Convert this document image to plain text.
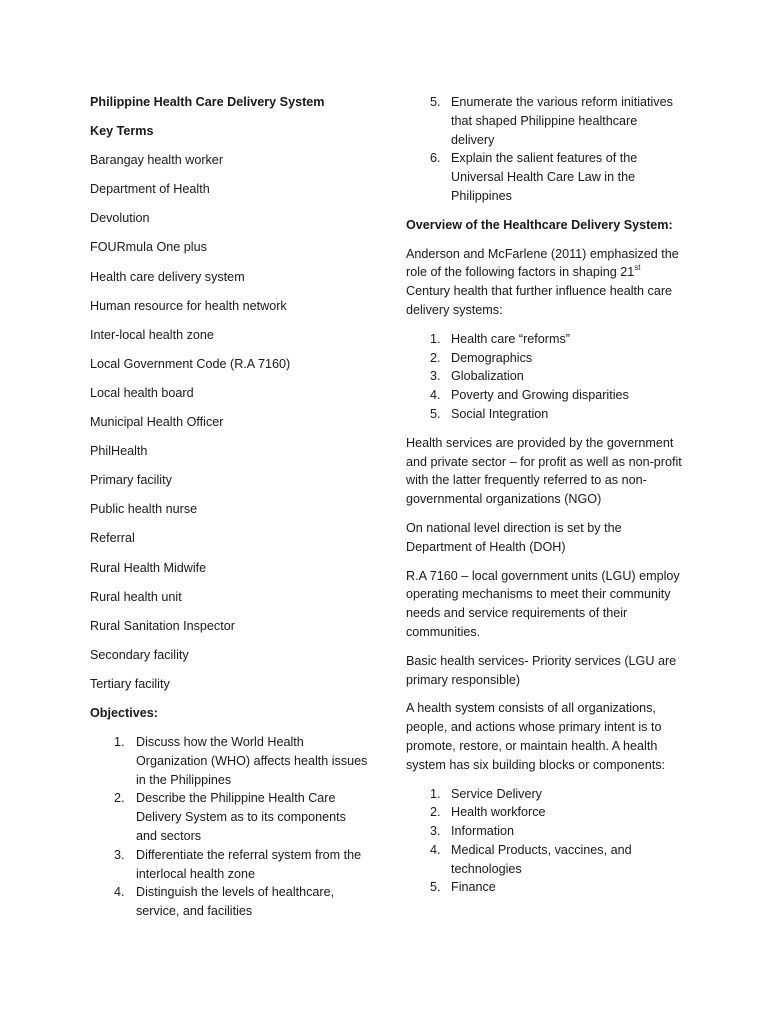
Philippine Health Care Delivery System

Key Terms

Barangay health worker

Department of Health

Devolution

FOURmula One plus

Health care delivery system

Human resource for health network

Inter-local health zone

Local Government Code (R.A 7160)

Local health board

Municipal Health Officer

PhilHealth

Primary facility

Public health nurse

Referral

Rural Health Midwife

Rural health unit

Rural Sanitation Inspector

Secondary facility

Tertiary facility

Objectives:

1. Discuss how the World Health Organization (WHO) affects health issues in the Philippines
2. Describe the Philippine Health Care Delivery System as to its components and sectors
3. Differentiate the referral system from the interlocal health zone
4. Distinguish the levels of healthcare, service, and facilities
5. Enumerate the various reform initiatives that shaped Philippine healthcare delivery
6. Explain the salient features of the Universal Health Care Law in the Philippines

Overview of the Healthcare Delivery System:

Anderson and McFarlene (2011) emphasized the role of the following factors in shaping 21st Century health that further influence health care delivery systems:

1. Health care “reforms”
2. Demographics
3. Globalization
4. Poverty and Growing disparities
5. Social Integration

Health services are provided by the government and private sector – for profit as well as non-profit with the latter frequently referred to as non-governmental organizations (NGO)

On national level direction is set by the Department of Health (DOH)

R.A 7160 – local government units (LGU) employ operating mechanisms to meet their community needs and service requirements of their communities.

Basic health services- Priority services (LGU are primary responsible)

A health system consists of all organizations, people, and actions whose primary intent is to promote, restore, or maintain health. A health system has six building blocks or components:

1. Service Delivery
2. Health workforce
3. Information
4. Medical Products, vaccines, and technologies
5. Finance
